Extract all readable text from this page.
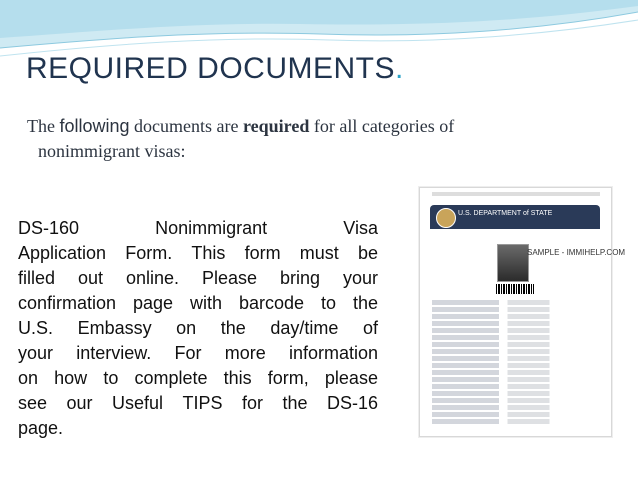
REQUIRED DOCUMENTS.
The following documents are required for all categories of
nonimmigrant visas:
DS-160	Nonimmigrant	Visa
Application Form. This form must be
filled out online. Please bring your
confirmation page with barcode to the
U.S. Embassy on the day/time of
your interview. For more information
on how to complete this form, please
see our Useful TIPS for the DS-16
page.
U.S. DEPARTMENT of STATE
SAMPLE - IMMIHELP.COM
